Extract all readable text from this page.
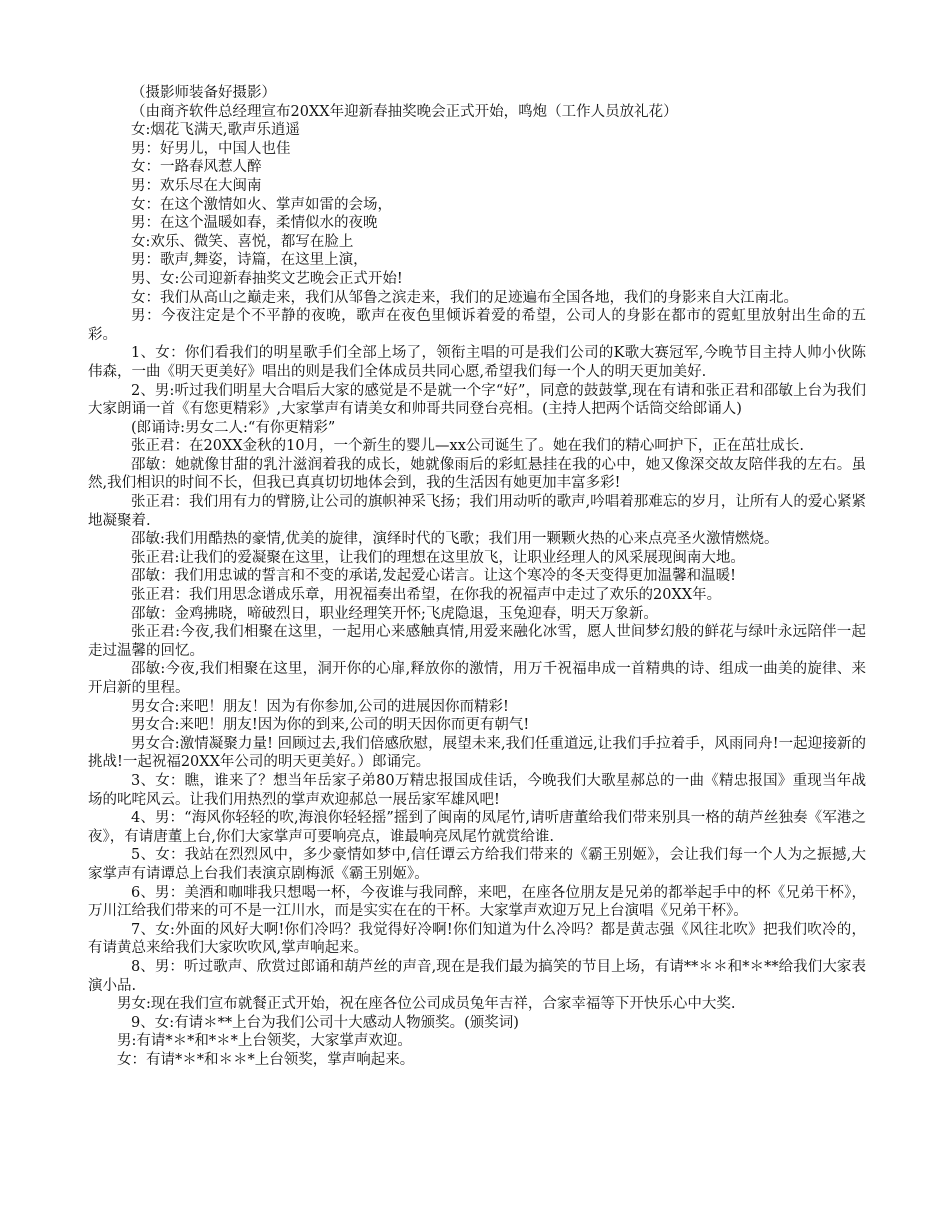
（摄影师装备好摄影）

（由商齐软件总经理宣布20XX年迎新春抽奖晚会正式开始，鸣炮（工作人员放礼花）

女:烟花飞满天,歌声乐逍遥

男：好男儿，中国人也佳

女：一路春风惹人醉

男：欢乐尽在大闽南

女：在这个激情如火、掌声如雷的会场，

男：在这个温暖如春，柔情似水的夜晚

女:欢乐、微笑、喜悦，都写在脸上

男：歌声,舞姿，诗篇，在这里上演，

男、女:公司迎新春抽奖文艺晚会正式开始!

女：我们从高山之巅走来，我们从邹鲁之滨走来，我们的足迹遍布全国各地，我们的身影来自大江南北。

男：今夜注定是个不平静的夜晚，歌声在夜色里倾诉着爱的希望，公司人的身影在都市的霓虹里放射出生命的五彩。

1、女：你们看我们的明星歌手们全部上场了，领衔主唱的可是我们公司的K歌大赛冠军,今晚节目主持人帅小伙陈伟森，一曲《明天更美好》唱出的则是我们全体成员共同心愿,希望我们每一个人的明天更加美好.

2、男:听过我们明星大合唱后大家的感觉是不是就一个字“好”，同意的鼓鼓掌,现在有请和张正君和邵敏上台为我们大家朗诵一首《有您更精彩》,大家掌声有请美女和帅哥共同登台亮相。(主持人把两个话筒交给郎诵人)

(郎诵诗:男女二人:“有你更精彩”

张正君：在20XX金秋的10月，一个新生的婴儿—xx公司诞生了。她在我们的精心呵护下，正在茁壮成长.

邵敏：她就像甘甜的乳汁滋润着我的成长，她就像雨后的彩虹悬挂在我的心中，她又像深交故友陪伴我的左右。虽然,我们相识的时间不长，但我已真真切切地体会到，我的生活因有她更加丰富多彩!

张正君：我们用有力的臂膀,让公司的旗帜神采飞扬；我们用动听的歌声,吟唱着那难忘的岁月，让所有人的爱心紧紧地凝聚着.

邵敏:我们用酷热的豪情,优美的旋律，演绎时代的飞歌；我们用一颗颗火热的心来点亮圣火激情燃烧。

张正君:让我们的爱凝聚在这里，让我们的理想在这里放飞，让职业经理人的风采展现闽南大地。

邵敏：我们用忠诚的誓言和不变的承诺,发起爱心诺言。让这个寒冷的冬天变得更加温馨和温暖!

张正君：我们用思念谱成乐章，用祝福奏出希望，在你我的祝福声中走过了欢乐的20XX年。

邵敏：金鸡拂晓，啼破烈日，职业经理笑开怀;飞虎隐退，玉兔迎春，明天万象新。

张正君:今夜,我们相聚在这里，一起用心来感触真情,用爱来融化冰雪，愿人世间梦幻般的鲜花与绿叶永远陪伴一起走过温馨的回忆。

邵敏:今夜,我们相聚在这里，洞开你的心扉,释放你的激情，用万千祝福串成一首精典的诗、组成一曲美的旋律、来开启新的里程。

男女合:来吧！朋友！因为有你参加,公司的进展因你而精彩!

男女合:来吧！朋友!因为你的到来,公司的明天因你而更有朝气!

男女合:激情凝聚力量! 回顾过去,我们倍感欣慰，展望未来,我们任重道远,让我们手拉着手，风雨同舟!一起迎接新的挑战!一起祝福20XX年公司的明天更美好。）郎诵完。

3、女：瞧，谁来了？想当年岳家子弟80万精忠报国成佳话，今晚我们大歌星郝总的一曲《精忠报国》重现当年战场的叱咤风云。让我们用热烈的掌声欢迎郝总一展岳家军雄风吧!

4、男：“海风你轻轻的吹,海浪你轻轻摇”摇到了闽南的凤尾竹,请听唐董给我们带来别具一格的葫芦丝独奏《军港之夜》，有请唐董上台,你们大家掌声可要响亮点，谁最响亮凤尾竹就赏给谁.

5、女：我站在烈烈风中，多少豪情如梦中,信任谭云方给我们带来的《霸王别姬》，会让我们每一个人为之振撼,大家掌声有请谭总上台我们表演京剧梅派《霸王别姬》。

6、男：美酒和咖啡我只想喝一杯，今夜谁与我同醉，来吧，在座各位朋友是兄弟的都举起手中的杯《兄弟干杯》，万川江给我们带来的可不是一江川水，而是实实在在的干杯。大家掌声欢迎万兄上台演唱《兄弟干杯》。

7、女:外面的风好大啊!你们冷吗？我觉得好冷啊!你们知道为什么冷吗？都是黄志强《风往北吹》把我们吹冷的，有请黄总来给我们大家吹吹风,掌声响起来。

8、男：听过歌声、欣赏过郎诵和葫芦丝的声音,现在是我们最为搞笑的节目上场，有请**＊＊和*＊**给我们大家表演小品.

男女:现在我们宣布就餐正式开始，祝在座各位公司成员兔年吉祥，合家幸福等下开快乐心中大奖.

9、女:有请＊**上台为我们公司十大感动人物颁奖。(颁奖词)

男:有请*＊*和*＊*上台领奖，大家掌声欢迎。

女：有请*＊*和＊＊*上台领奖，掌声响起来。
